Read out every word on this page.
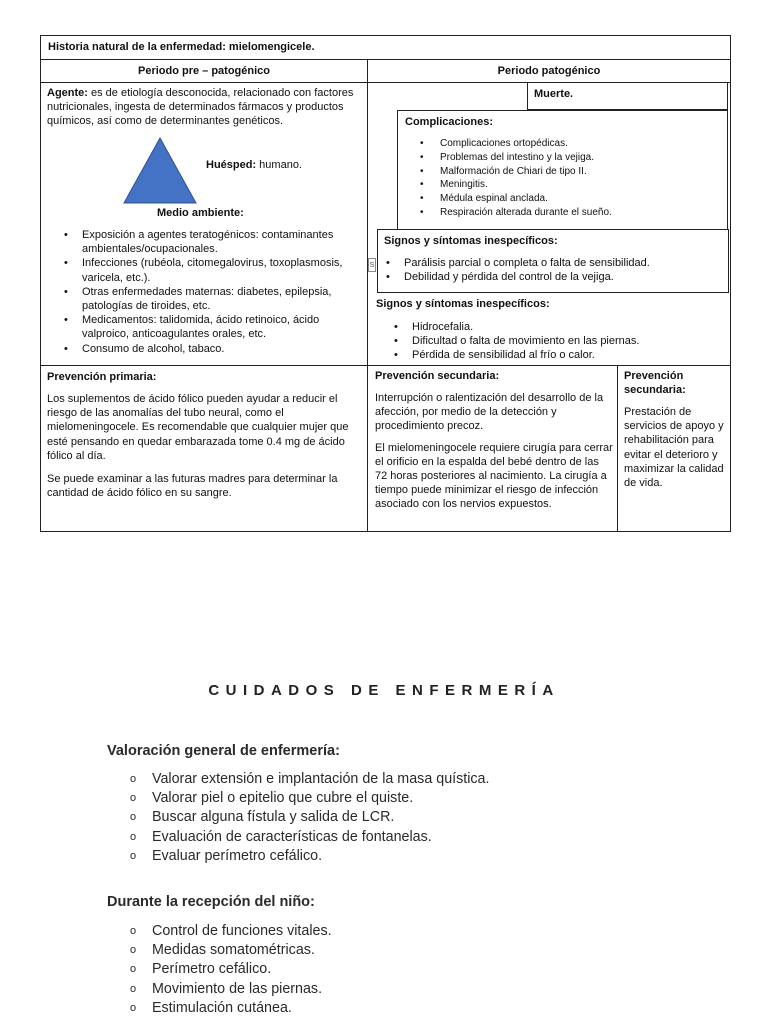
Historia natural de la enfermedad: mielomengicele.
Periodo pre – patogénico	Periodo patogénico
Agente: es de etiología desconocida, relacionado con factores nutricionales, ingesta de determinados fármacos y productos químicos, así como de determinantes genéticos.
Huésped: humano.
Medio ambiente:
• Exposición a agentes teratogénicos: contaminantes ambientales/ocupacionales.
• Infecciones (rubéola, citomegalovirus, toxoplasmosis, varicela, etc.).
• Otras enfermedades maternas: diabetes, epilepsia, patologías de tiroides, etc.
• Medicamentos: talidomida, ácido retinoico, ácido valproico, anticoagulantes orales, etc.
• Consumo de alcohol, tabaco.
Muerte.
Complicaciones:
• Complicaciones ortopédicas.
• Problemas del intestino y la vejiga.
• Malformación de Chiari de tipo II.
• Meningitis.
• Médula espinal anclada.
• Respiración alterada durante el sueño.
Signos y síntomas inespecíficos:
S
•	Parálisis parcial o completa o falta de sensibilidad.
• Debilidad y pérdida del control de la vejiga.
Signos y síntomas inespecíficos:
• Hidrocefalia.
• Dificultad o falta de movimiento en las piernas.
• Pérdida de sensibilidad al frío o calor.
Prevención primaria:

Los suplementos de ácido fólico pueden ayudar a reducir el riesgo de las anomalías del tubo neural, como el mielomeningocele. Es recomendable que cualquier mujer que esté pensando en quedar embarazada tome 0.4 mg de ácido fólico al día.

Se puede examinar a las futuras madres para determinar la cantidad de ácido fólico en su sangre.

Prevención secundaria:

Interrupción o ralentización del desarrollo de la afección, por medio de la detección y procedimiento precoz.

El mielomeningocele requiere cirugía para cerrar el orificio en la espalda del bebé dentro de las 72 horas posteriores al nacimiento. La cirugía a tiempo puede minimizar el riesgo de infección asociado con los nervios expuestos.

Prevención secundaria:
Prestación de servicios de apoyo y rehabilitación para evitar el deterioro y maximizar la calidad de vida.
CUIDADOS DE ENFERMERÍA
Valoración general de enfermería:
o Valorar extensión e implantación de la masa quística.
o Valorar piel o epitelio que cubre el quiste.
o Buscar alguna fístula y salida de LCR.
o Evaluación de características de fontanelas.
o Evaluar perímetro cefálico.
Durante la recepción del niño:
o Control de funciones vitales.
o Medidas somatométricas.
o Perímetro cefálico.
o Movimiento de las piernas.
o Estimulación cutánea.
